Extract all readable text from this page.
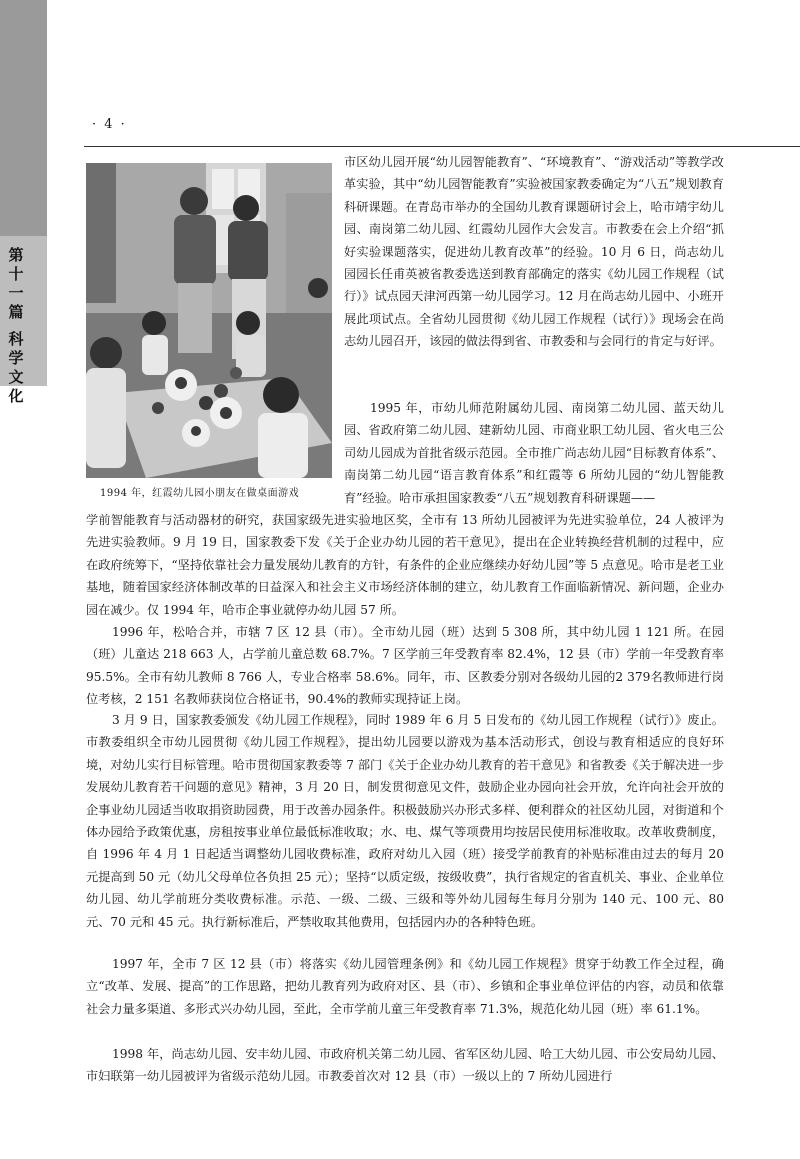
第
十
一
篇
科
学
文
化
· 4 ·
1994 年，红霞幼儿园小朋友在做桌面游戏

市区幼儿园开展“幼儿园智能教育”、“环境教育”、“游戏活动”等教学改革实验，其中“幼儿园智能教育”实验被国家教委确定为“八五”规划教育科研课题。在青岛市举办的全国幼儿教育课题研讨会上，哈市靖宇幼儿园、南岗第二幼儿园、红霞幼儿园作大会发言。市教委在会上介绍“抓好实验课题落实，促进幼儿教育改革”的经验。10 月 6 日，尚志幼儿园园长任甫英被省教委选送到教育部确定的落实《幼儿园工作规程（试行）》试点园天津河西第一幼儿园学习。12 月在尚志幼儿园中、小班开展此项试点。全省幼儿园贯彻《幼儿园工作规程（试行）》现场会在尚志幼儿园召开，该园的做法得到省、市教委和与会同行的肯定与好评。

1995 年，市幼儿师范附属幼儿园、南岗第二幼儿园、蓝天幼儿园、省政府第二幼儿园、建新幼儿园、市商业职工幼儿园、省火电三公司幼儿园成为首批省级示范园。全市推广尚志幼儿园“目标教育体系”、南岗第二幼儿园“语言教育体系”和红霞等 6 所幼儿园的“幼儿智能教育”经验。哈市承担国家教委“八五”规划教育科研课题——

学前智能教育与活动器材的研究，获国家级先进实验地区奖，全市有 13 所幼儿园被评为先进实验单位，24 人被评为先进实验教师。9 月 19 日，国家教委下发《关于企业办幼儿园的若干意见》，提出在企业转换经营机制的过程中，应在政府统筹下，“坚持依靠社会力量发展幼儿教育的方针，有条件的企业应继续办好幼儿园”等 5 点意见。哈市是老工业基地，随着国家经济体制改革的日益深入和社会主义市场经济体制的建立，幼儿教育工作面临新情况、新问题，企业办园在减少。仅 1994 年，哈市企事业就停办幼儿园 57 所。

1996 年，松哈合并，市辖 7 区 12 县（市）。全市幼儿园（班）达到 5 308 所，其中幼儿园 1 121 所。在园（班）儿童达 218 663 人，占学前儿童总数 68.7%。7 区学前三年受教育率 82.4%，12 县（市）学前一年受教育率 95.5%。全市有幼儿教师 8 766 人，专业合格率 58.6%。同年，市、区教委分别对各级幼儿园的2 379名教师进行岗位考核，2 151 名教师获岗位合格证书，90.4%的教师实现持证上岗。

3 月 9 日，国家教委颁发《幼儿园工作规程》，同时 1989 年 6 月 5 日发布的《幼儿园工作规程（试行）》废止。市教委组织全市幼儿园贯彻《幼儿园工作规程》，提出幼儿园要以游戏为基本活动形式，创设与教育相适应的良好环境，对幼儿实行目标管理。哈市贯彻国家教委等 7 部门《关于企业办幼儿教育的若干意见》和省教委《关于解决进一步发展幼儿教育若干问题的意见》精神，3 月 20 日，制发贯彻意见文件，鼓励企业办园向社会开放，允许向社会开放的企事业幼儿园适当收取捐资助园费，用于改善办园条件。积极鼓励兴办形式多样、便利群众的社区幼儿园，对街道和个体办园给予政策优惠，房租按事业单位最低标准收取；水、电、煤气等项费用均按居民使用标准收取。改革收费制度，自 1996 年 4 月 1 日起适当调整幼儿园收费标准，政府对幼儿入园（班）接受学前教育的补贴标准由过去的每月 20 元提高到 50 元（幼儿父母单位各负担 25 元）；坚持“以质定级，按级收费”，执行省规定的省直机关、事业、企业单位幼儿园、幼儿学前班分类收费标准。示范、一级、二级、三级和等外幼儿园每生每月分别为 140 元、100 元、80 元、70 元和 45 元。执行新标准后，严禁收取其他费用，包括园内办的各种特色班。

1997 年，全市 7 区 12 县（市）将落实《幼儿园管理条例》和《幼儿园工作规程》贯穿于幼教工作全过程，确立“改革、发展、提高”的工作思路，把幼儿教育列为政府对区、县（市）、乡镇和企事业单位评估的内容，动员和依靠社会力量多渠道、多形式兴办幼儿园，至此，全市学前儿童三年受教育率 71.3%，规范化幼儿园（班）率 61.1%。

1998 年，尚志幼儿园、安丰幼儿园、市政府机关第二幼儿园、省军区幼儿园、哈工大幼儿园、市公安局幼儿园、市妇联第一幼儿园被评为省级示范幼儿园。市教委首次对 12 县（市）一级以上的 7 所幼儿园进行
